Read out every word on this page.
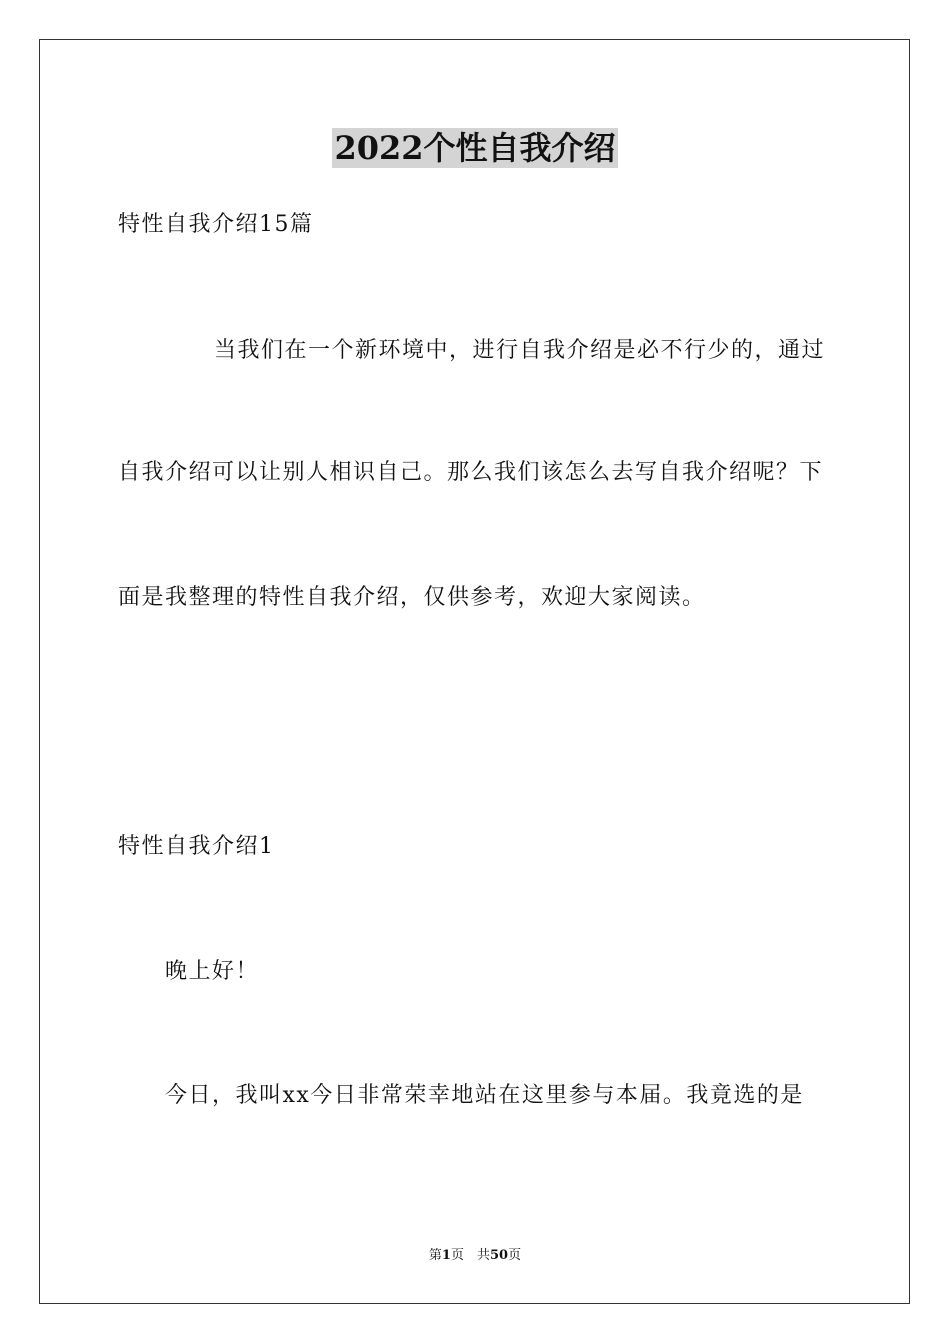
2022个性自我介绍
特性自我介绍15篇
当我们在一个新环境中，进行自我介绍是必不行少的，通过
自我介绍可以让别人相识自己。那么我们该怎么去写自我介绍呢？下
面是我整理的特性自我介绍，仅供参考，欢迎大家阅读。
特性自我介绍1
晚上好！
今日，我叫xx今日非常荣幸地站在这里参与本届。我竟选的是
第1页　共50页
